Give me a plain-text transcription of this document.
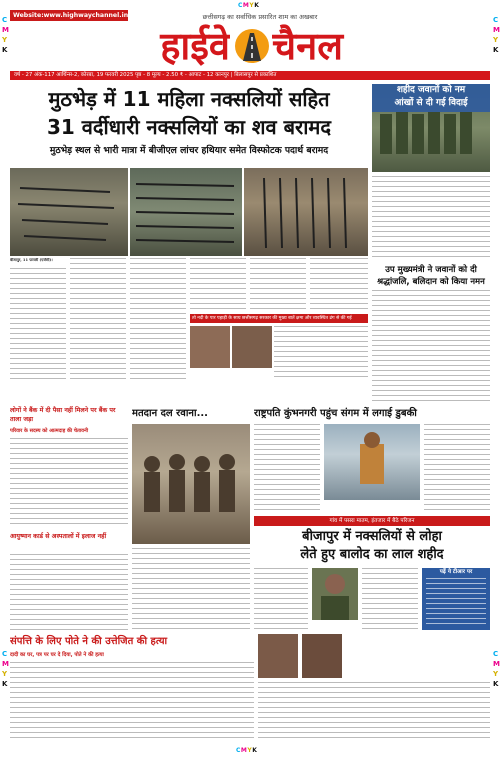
CMYK
C
M
Y
K
C
M
Y
K
C
M
Y
K
C
M
Y
K
Website:www.highwaychannel.in	छत्तीसगढ़ का सर्वाधिक प्रसारित शाम का अखबार
हाईवे चैनल
वर्ष - 27 अंक-117 आर्थिन्स-2, कोरबा, 19 फरवरी 2025 पृष्ठ - 8 मूल्य - 2.50 ₹ - आपाट - 12 कानपुर | बिलासपुर से प्रकाशित
मुठभेड़ में 11 महिला नक्सलियों सहित
31 वर्दीधारी नक्सलियों का शव बरामद
मुठभेड़ स्थल से भारी मात्रा में बीजीएल लांचर हथियार समेत विस्फोटक पदार्थ बरामद
बीजापुर, 11 फरवरी (एजेंसी)।
तो नदी के पार पहाड़ी के साथ छत्तीसगढ़ सरकार की मुख्य बातें क्षमा और व्यवस्थित ढंग से की गई
शहीद जवानों को नम
आंखों से दी गई विदाई
उप मुख्यमंत्री ने जवानों को दी श्रद्धांजलि, बलिदान को किया नमन
लोगों ने बैंक में दी पैसा नहीं मिलने पर बैंक पर ताला जड़ा
परिवार के सदस्य को आत्मदाह की चेतावनी
आयुष्मान कार्ड से अस्पतालों में इलाज नहीं
मतदान दल रवाना...	राष्ट्रपति कुंभनगरी पहुंच संगम में लगाई डुबकी
गांव में पसरा मातम, इंतजार में बैठे परिजन
बीजापुर में नक्सलियों से लोहा
लेते हुए बालोद का लाल शहीद
पढ़ें ये टीआर पर
संपत्ति के लिए पोते ने की उत्तेजित की हत्या
दादी का घर, पत्र पर घर दे दिया, पोते ने की हत्या
CMYK
